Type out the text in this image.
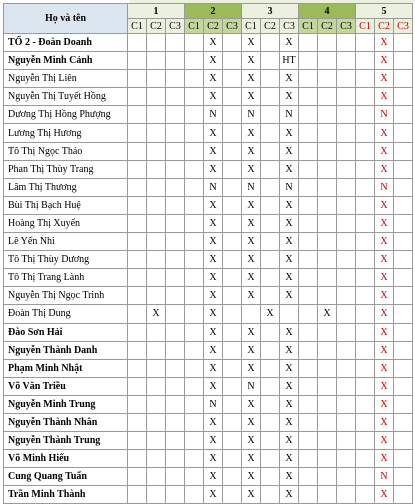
Họ và tên	1			2			3			4			5		
	C1	C2	C3	C1	C2	C3	C1	C2	C3	C1	C2	C3	C1	C2	C3
TỔ 2 - Đoàn Doanh					X		X		X					X	
Nguyễn Minh Cảnh					X		X		HT					X	
Nguyễn Thị Liên					X		X		X					X	
Nguyễn Thị Tuyết Hồng					X		X		X					X	
Dương Thị Hồng Phượng					N		N		N					N	
Lương Thị Hương					X		X		X					X	
Tô Thị Ngọc Thảo					X		X		X					X	
Phan Thị Thùy Trang					X		X		X					X	
Lâm Thị Thương					N		N		N					N	
Bùi Thị Bạch Huệ					X		X		X					X	
Hoàng Thị Xuyến					X		X		X					X	
Lê Yến Nhi					X		X		X					X	
Tô Thị Thùy Dương					X		X		X					X	
Tô Thị Trang Lành					X		X		X					X	
Nguyễn Thị Ngọc Trinh					X		X		X					X	
Đoàn Thị Dung		X			X			X			X			X	
Đào Sơn Hải					X		X		X					X	
Nguyễn Thành Danh					X		X		X					X	
Phạm Minh Nhật					X		X		X					X	
Võ Văn Triều					X		N		X					X	
Nguyễn Minh Trung					N		X		X					X	
Nguyễn Thành Nhân					X		X		X					X	
Nguyễn Thành Trung					X		X		X					X	
Võ Minh Hiếu					X		X		X					X	
Cung Quang Tuấn					X		X		X					N	
Trần Minh Thành					X		X		X					X	
